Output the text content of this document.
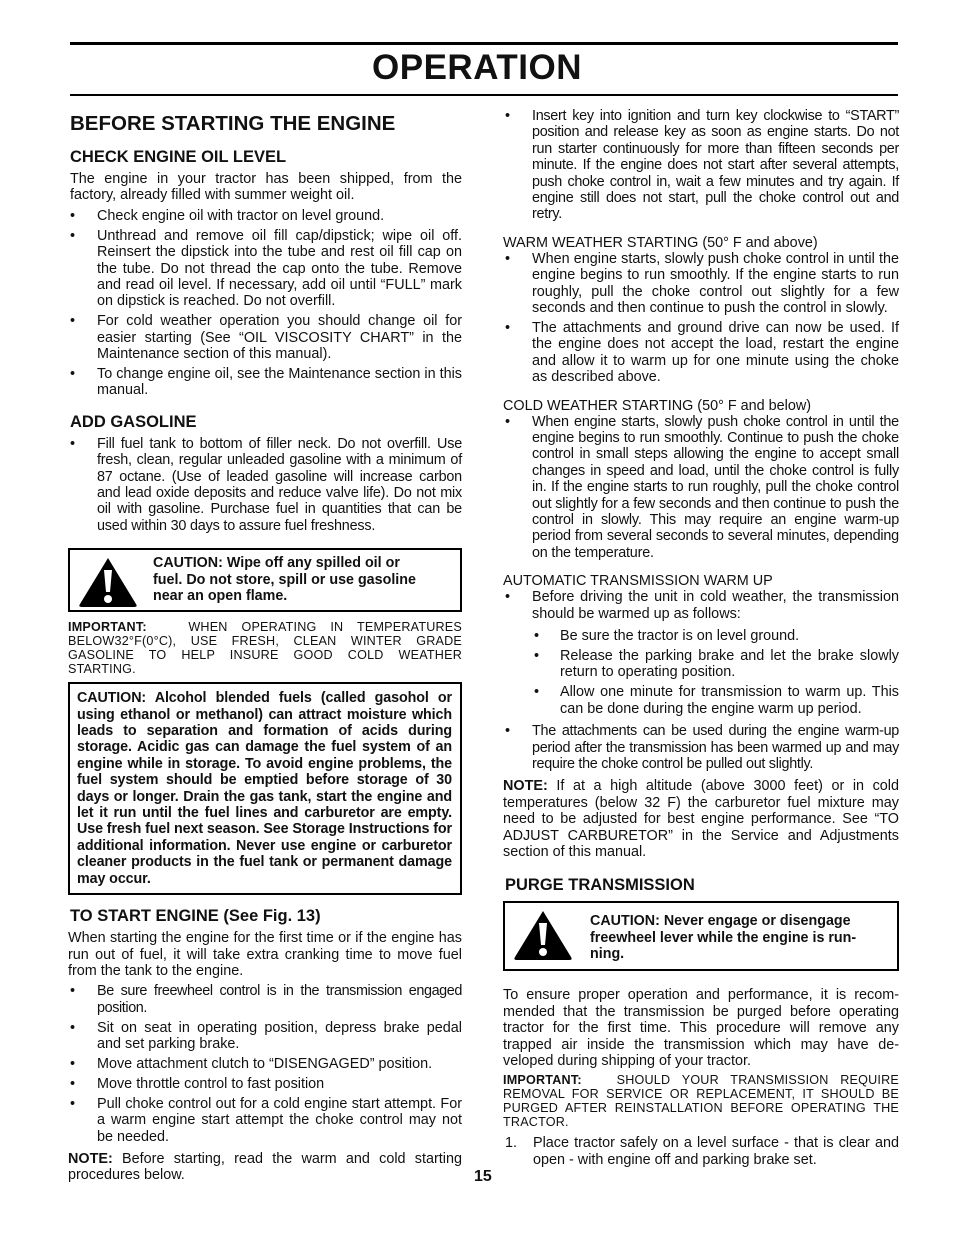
OPERATION
BEFORE STARTING THE ENGINE
CHECK ENGINE OIL LEVEL

The engine in your tractor has been shipped, from the factory, already filled with summer weight oil.

• Check engine oil with tractor on level ground.
• Unthread and remove oil fill cap/dipstick; wipe oil off. Reinsert the dipstick into the tube and rest oil fill cap on the tube. Do not thread the cap onto the tube. Remove and read oil level. If necessary, add oil until “FULL” mark on dipstick is reached. Do not overfill.
• For cold weather operation you should change oil for easier starting (See “OIL VISCOSITY CHART” in the Maintenance section of this manual).
• To change engine oil, see the Maintenance section in this manual.
ADD GASOLINE
• Fill fuel tank to bottom of filler neck. Do not overfill. Use fresh, clean, regular unleaded gasoline with a minimum of 87 octane. (Use of leaded gasoline will increase carbon and lead oxide deposits and reduce valve life). Do not mix oil with gasoline. Purchase fuel in quantities that can be used within 30 days to assure fuel freshness.
CAUTION: Wipe off any spilled oil or fuel. Do not store, spill or use gasoline near an open flame.
IMPORTANT:	WHEN OPERATING IN TEMPERATURES BELOW32°F(0°C), USE FRESH, CLEAN WINTER GRADE GASOLINE TO HELP INSURE GOOD COLD WEATHER STARTING.
CAUTION: Alcohol blended fuels (called gasohol or using ethanol or methanol) can attract moisture which leads to separation and formation of acids during storage. Acidic gas can damage the fuel system of an engine while in storage. To avoid engine problems, the fuel system should be emptied before storage of 30 days or longer. Drain the gas tank, start the engine and let it run until the fuel lines and carburetor are empty. Use fresh fuel next season. See Storage Instructions for additional information. Never use engine or carburetor cleaner products in the fuel tank or permanent damage may occur.
TO START ENGINE (See Fig. 13)

When starting the engine for the first time or if the engine has run out of fuel, it will take extra cranking time to move fuel from the tank to the engine.

• Be sure freewheel control is in the transmission engaged position.
• Sit on seat in operating position, depress brake pedal and set parking brake.
• Move attachment clutch to “DISENGAGED” position.
• Move throttle control to fast position
• Pull choke control out for a cold engine start attempt. For a warm engine start attempt the choke control may not be needed.

NOTE: Before starting, read the warm and cold starting procedures below.

• Insert key into ignition and turn key clockwise to “START” position and release key as soon as engine starts. Do not run starter continuously for more than fifteen seconds per minute. If the engine does not start after several attempts, push choke control in, wait a few minutes and try again. If engine still does not start, pull the choke control out and retry.
WARM WEATHER STARTING (50° F and above)
• When engine starts, slowly push choke control in until the engine begins to run smoothly. If the engine starts to run roughly, pull the choke control out slightly for a few seconds and then continue to push the control in slowly.
• The attachments and ground drive can now be used. If the engine does not accept the load, restart the engine and allow it to warm up for one minute using the choke as described above.
COLD WEATHER STARTING (50° F and below)
• When engine starts, slowly push choke control in until the engine begins to run smoothly. Continue to push the choke control in small steps allowing the engine to accept small changes in speed and load, until the choke control is fully in. If the engine starts to run roughly, pull the choke control out slightly for a few seconds and then continue to push the control in slowly. This may require an engine warm-up period from several seconds to several minutes, depending on the temperature.
AUTOMATIC TRANSMISSION WARM UP
• Before driving the unit in cold weather, the transmission should be warmed up as follows:
• Be sure the tractor is on level ground.
• Release the parking brake and let the brake slowly return to operating position.
• Allow one minute for transmission to warm up. This can be done during the engine warm up period.
• The attachments can be used during the engine warm-up period after the transmission has been warmed up and may require the choke control be pulled out slightly.

NOTE: If at a high altitude (above 3000 feet) or in cold temperatures (below 32 F) the carburetor fuel mixture may need to be adjusted for best engine performance. See “TO ADJUST CARBURETOR” in the Service and Adjustments section of this manual.

PURGE TRANSMISSION
CAUTION: Never engage or disengage freewheel lever while the engine is run-ning.

To ensure proper operation and performance, it is recom-mended that the transmission be purged before operating tractor for the first time. This procedure will remove any trapped air inside the transmission which may have de-veloped during shipping of your tractor.

IMPORTANT:	SHOULD YOUR TRANSMISSION REQUIRE REMOVAL FOR SERVICE OR REPLACEMENT, IT SHOULD BE PURGED AFTER REINSTALLATION BEFORE OPERATING THE TRACTOR.
1. Place tractor safely on a level surface - that is clear and open - with engine off and parking brake set.
15
